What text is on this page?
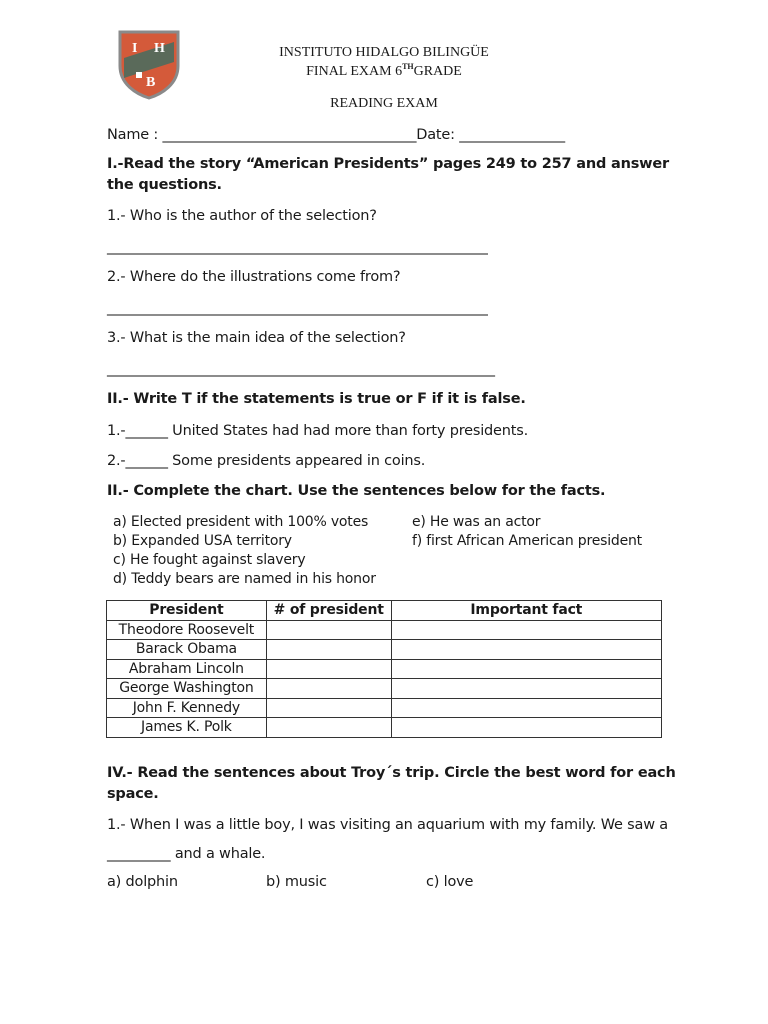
I H
B
INSTITUTO HIDALGO BILINGÜE
FINAL EXAM 6THGRADE
READING EXAM
Name : ____________________________________Date: _______________
I.-Read the story “American Presidents” pages 249 to 257 and answer
the questions.
1.- Who is the author of the selection?
______________________________________________________
2.- Where do the illustrations come from?
______________________________________________________
3.- What is the main idea of the selection?
_______________________________________________________
II.- Write T if the statements is true or F if it is false.
1.-______ United States had had more than forty presidents.
2.-______ Some presidents appeared in coins.
II.- Complete the chart. Use the sentences below for the facts.
a) Elected president with 100% votes
b) Expanded USA territory
c) He fought against slavery
d) Teddy bears are named in his honor
e) He was an actor
f) first African American president
President	# of president	Important fact
Theodore Roosevelt		
Barack Obama		
Abraham Lincoln		
George Washington		
John F. Kennedy		
James K. Polk		
IV.- Read the sentences about Troy´s trip. Circle the best word for each
space.
1.- When I was a little boy, I was visiting an aquarium with my family. We saw a
_________ and a whale.
a) dolphin	b) music	c) love
